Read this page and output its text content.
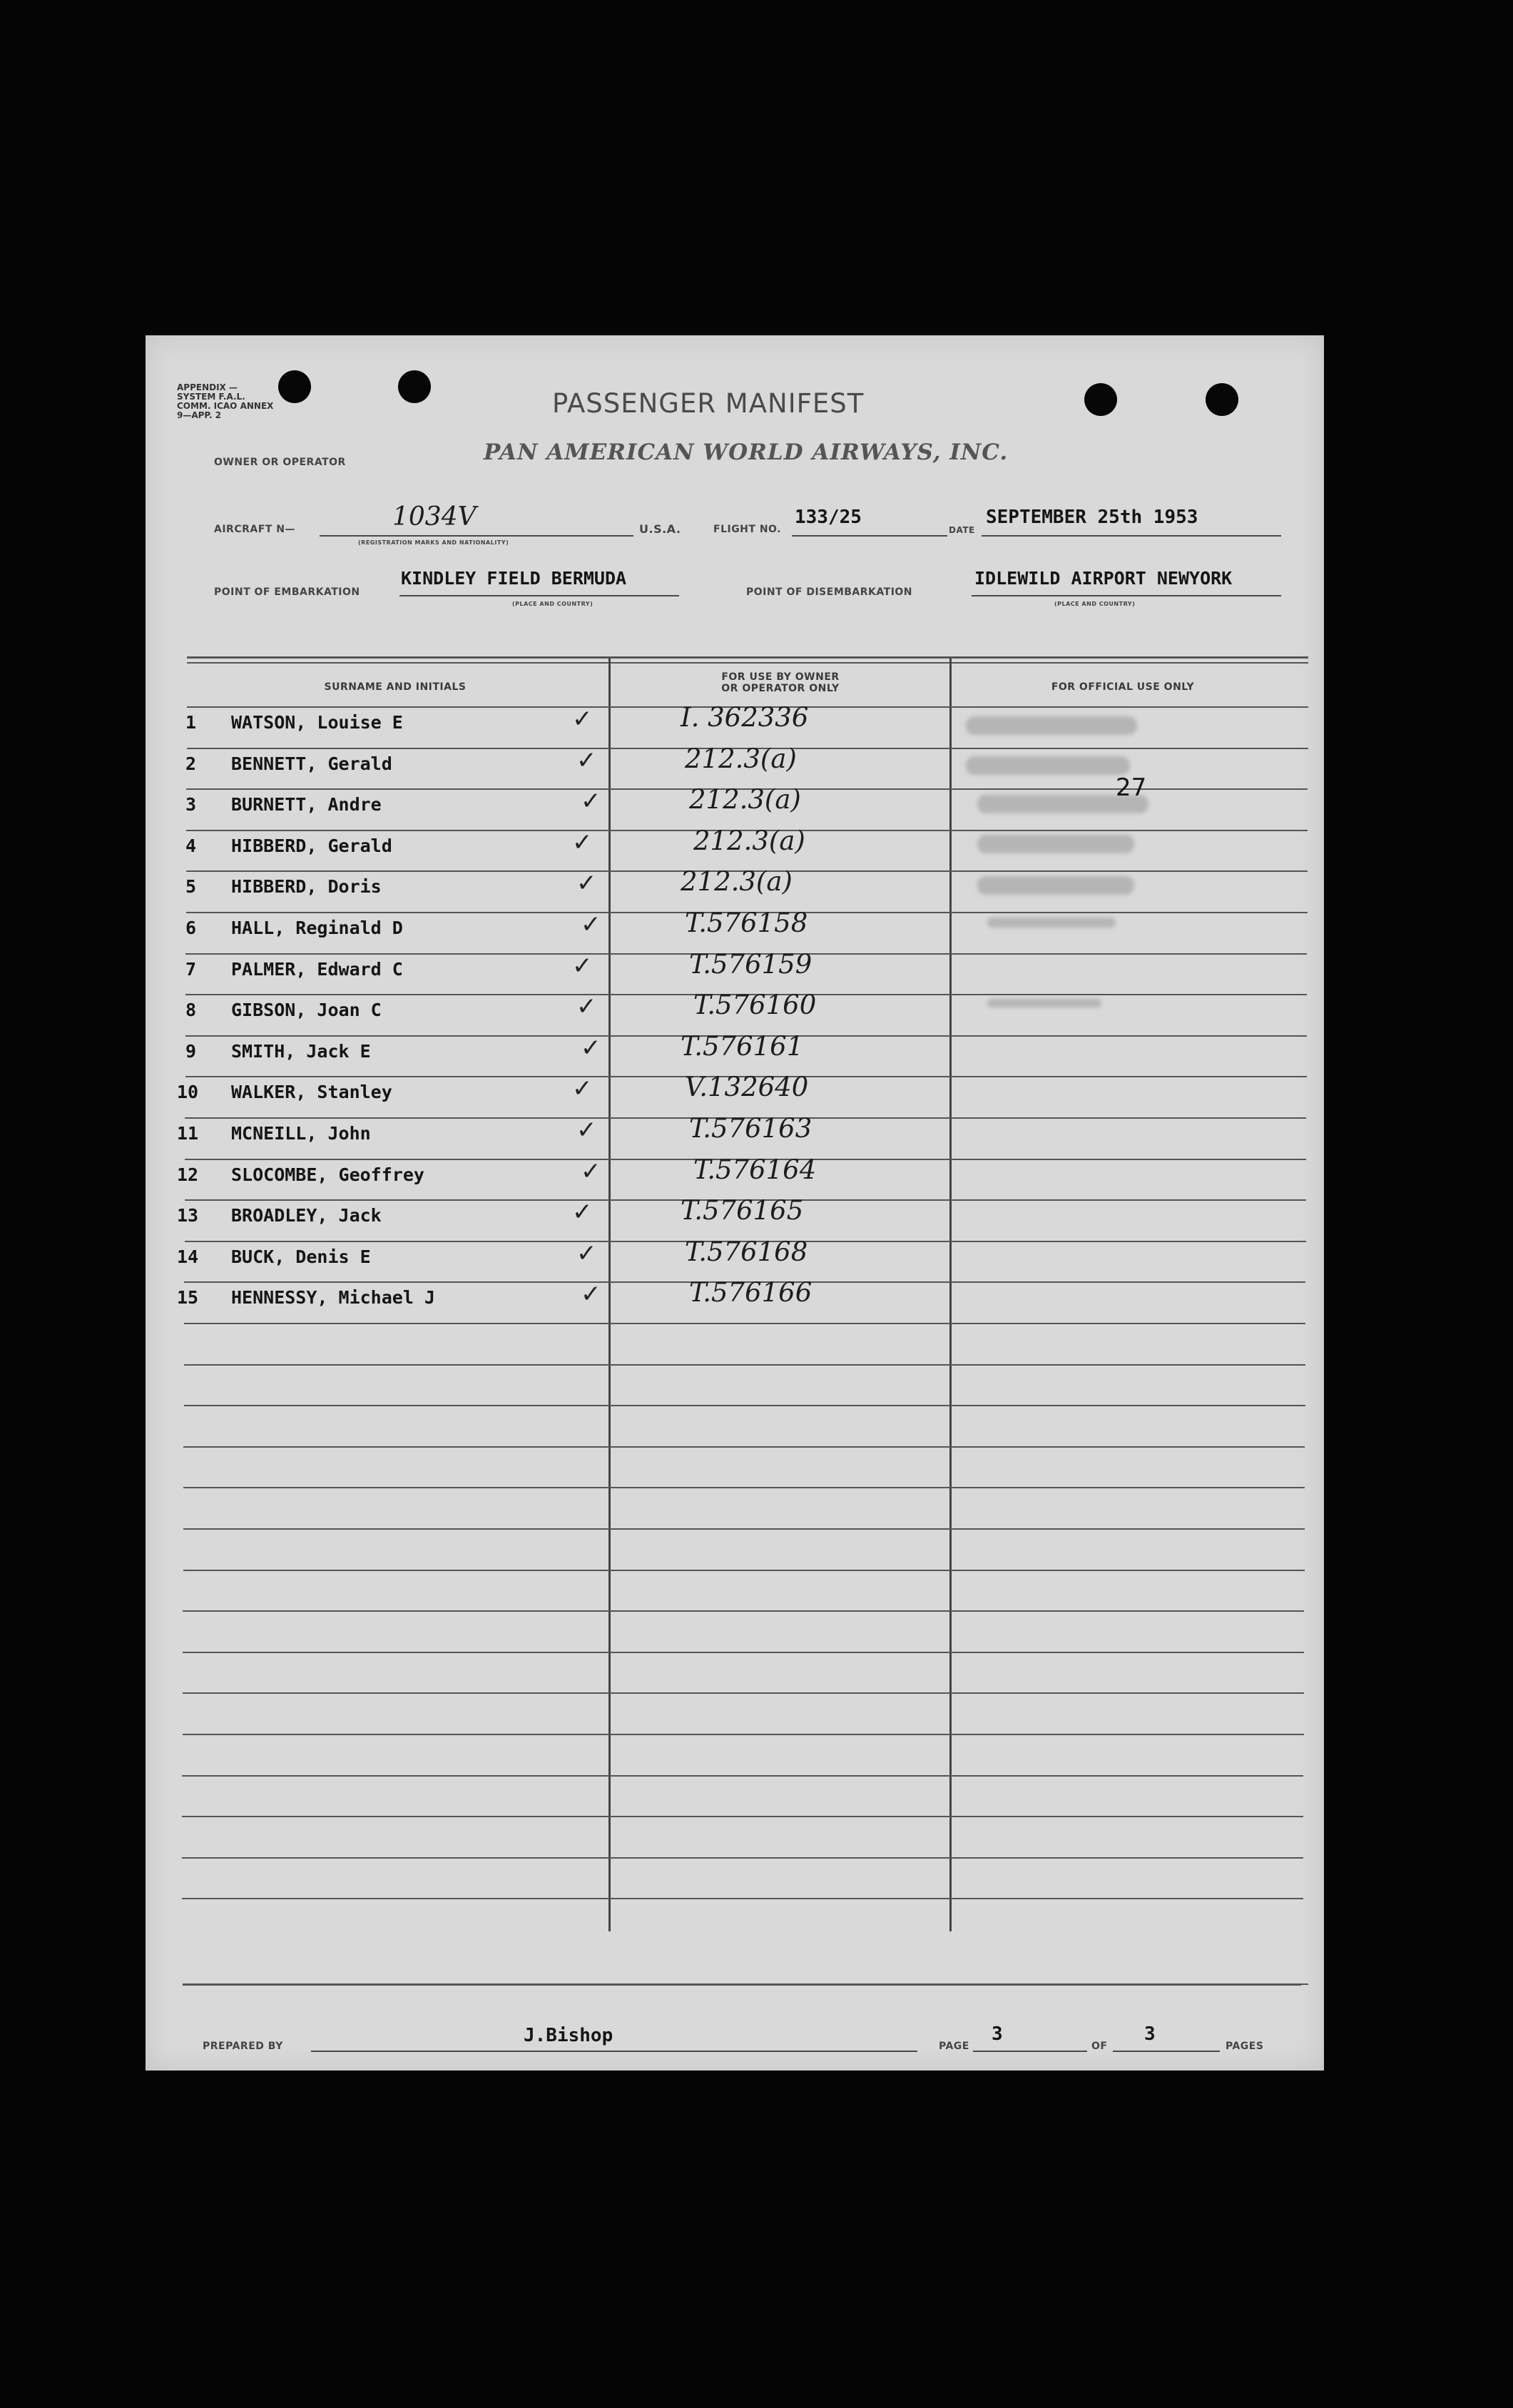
APPENDIX — SYSTEM F.A.L. COMM. ICAO ANNEX 9—APP. 2	PASSENGER MANIFEST
OWNER OR OPERATOR	PAN AMERICAN WORLD AIRWAYS, INC.
AIRCRAFT N—	1034V
(REGISTRATION MARKS AND NATIONALITY)
U.S.A.	FLIGHT NO.
133/25
DATE
SEPTEMBER 25th 1953
POINT OF EMBARKATION
KINDLEY FIELD BERMUDA
(PLACE AND COUNTRY)
POINT OF DISEMBARKATION
IDLEWILD AIRPORT NEWYORK
(PLACE AND COUNTRY)
SURNAME AND INITIALS
FOR USE BY OWNER
OR OPERATOR ONLY	FOR OFFICIAL USE ONLY
27
1 WATSON, Louise E	✓	I. 362336
2 BENNETT, Gerald	✓	212.3(a)
3 BURNETT, Andre	✓	212.3(a)
4 HIBBERD, Gerald	✓	212.3(a)
5 HIBBERD, Doris	✓	212.3(a)
6 HALL, Reginald D	✓	T.576158
7 PALMER, Edward C	✓	T.576159
8 GIBSON, Joan C	✓	T.576160
9 SMITH, Jack E	✓	T.576161
10 WALKER, Stanley	✓	V.132640
11 MCNEILL, John	✓	T.576163
12 SLOCOMBE, Geoffrey	✓	T.576164
13 BROADLEY, Jack	✓	T.576165
14 BUCK, Denis E	✓	T.576168
15 HENNESSY, Michael J	✓	T.576166
PREPARED BY	J.Bishop	PAGE
3
OF
3
PAGES
